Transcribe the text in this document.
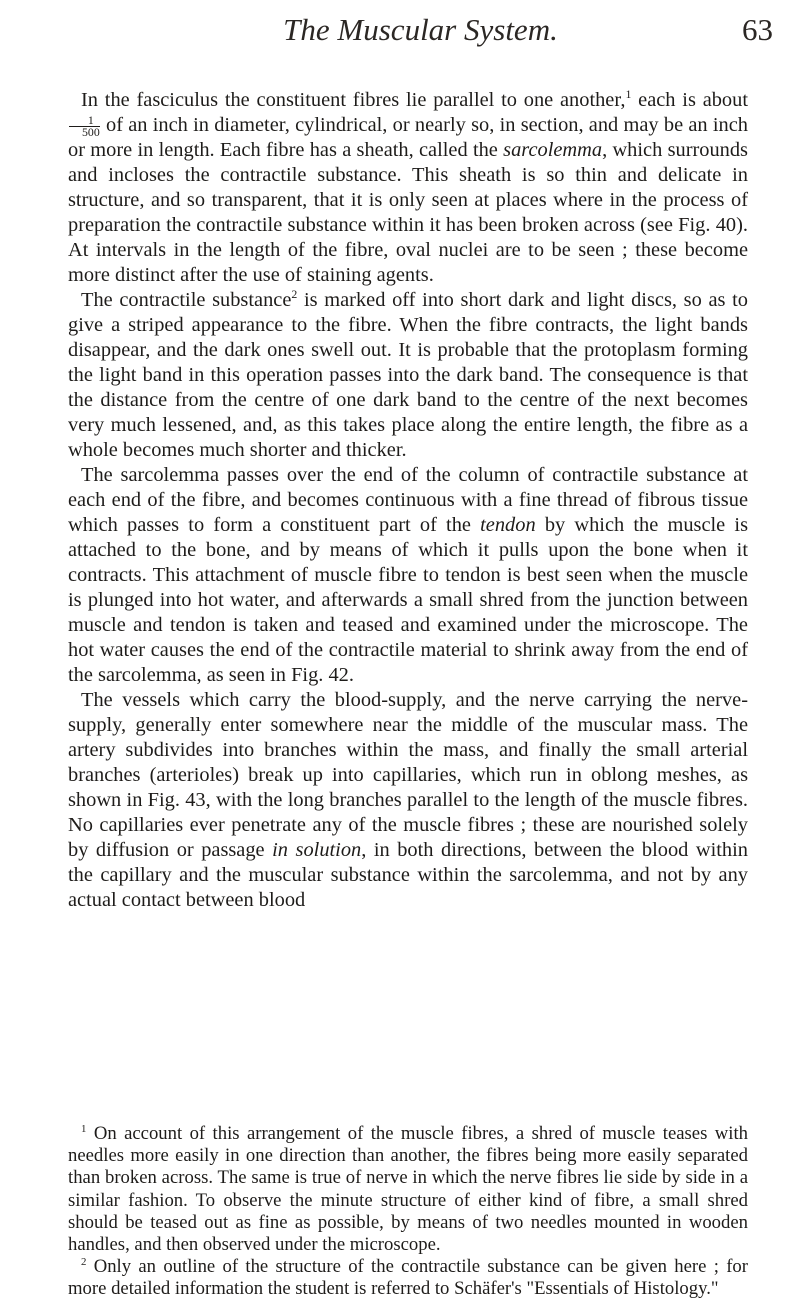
The Muscular System.	63

In the fasciculus the constituent fibres lie parallel to one another,$^1$ each is about
$\frac{1}{500}$ of an inch in diameter, cylindrical, or nearly so, in section, and may be an inch or more in length. Each fibre has a sheath, called the sarcolemma, which surrounds and incloses the contractile substance. This sheath is so thin and delicate in structure, and so transparent, that it is only seen at places where in the process of preparation the contractile substance within it has been broken across (see Fig. 40). At intervals in the length of the fibre, oval nuclei are to be seen ; these become more distinct after the use of staining agents.

The contractile substance$^2$ is marked off into short dark and light discs, so as to give a striped appearance to the fibre. When the fibre contracts, the light bands disappear, and the dark ones swell out. It is probable that the protoplasm forming the light band in this operation passes into the dark band. The consequence is that the distance from the centre of one dark band to the centre of the next becomes very much lessened, and, as this takes place along the entire length, the fibre as a whole becomes much shorter and thicker.

The sarcolemma passes over the end of the column of contractile substance at each end of the fibre, and becomes continuous with a fine thread of fibrous tissue which passes to form a constituent part of the tendon by which the muscle is attached to the bone, and by means of which it pulls upon the bone when it contracts. This attachment of muscle fibre to tendon is best seen when the muscle is plunged into hot water, and afterwards a small shred from the junction between muscle and tendon is taken and teased and examined under the microscope. The hot water causes the end of the contractile material to shrink away from the end of the sarcolemma, as seen in Fig. 42.

The vessels which carry the blood-supply, and the nerve carrying the nerve-supply, generally enter somewhere near the middle of the muscular mass. The artery subdivides into branches within the mass, and finally the small arterial branches (arterioles) break up into capillaries, which run in oblong meshes, as shown in Fig. 43, with the long branches parallel to the length of the muscle fibres. No capillaries ever penetrate any of the muscle fibres ; these are nourished solely by diffusion or passage in solution, in both directions, between the blood within the capillary and the muscular substance within the sarcolemma, and not by any actual contact between blood

$^1$ On account of this arrangement of the muscle fibres, a shred of muscle teases with needles more easily in one direction than another, the fibres being more easily separated than broken across. The same is true of nerve in which the nerve fibres lie side by side in a similar fashion. To observe the minute structure of either kind of fibre, a small shred should be teased out as fine as possible, by means of two needles mounted in wooden handles, and then observed under the microscope.

$^2$ Only an outline of the structure of the contractile substance can be given here ; for more detailed information the student is referred to Schäfer's "Essentials of Histology."
